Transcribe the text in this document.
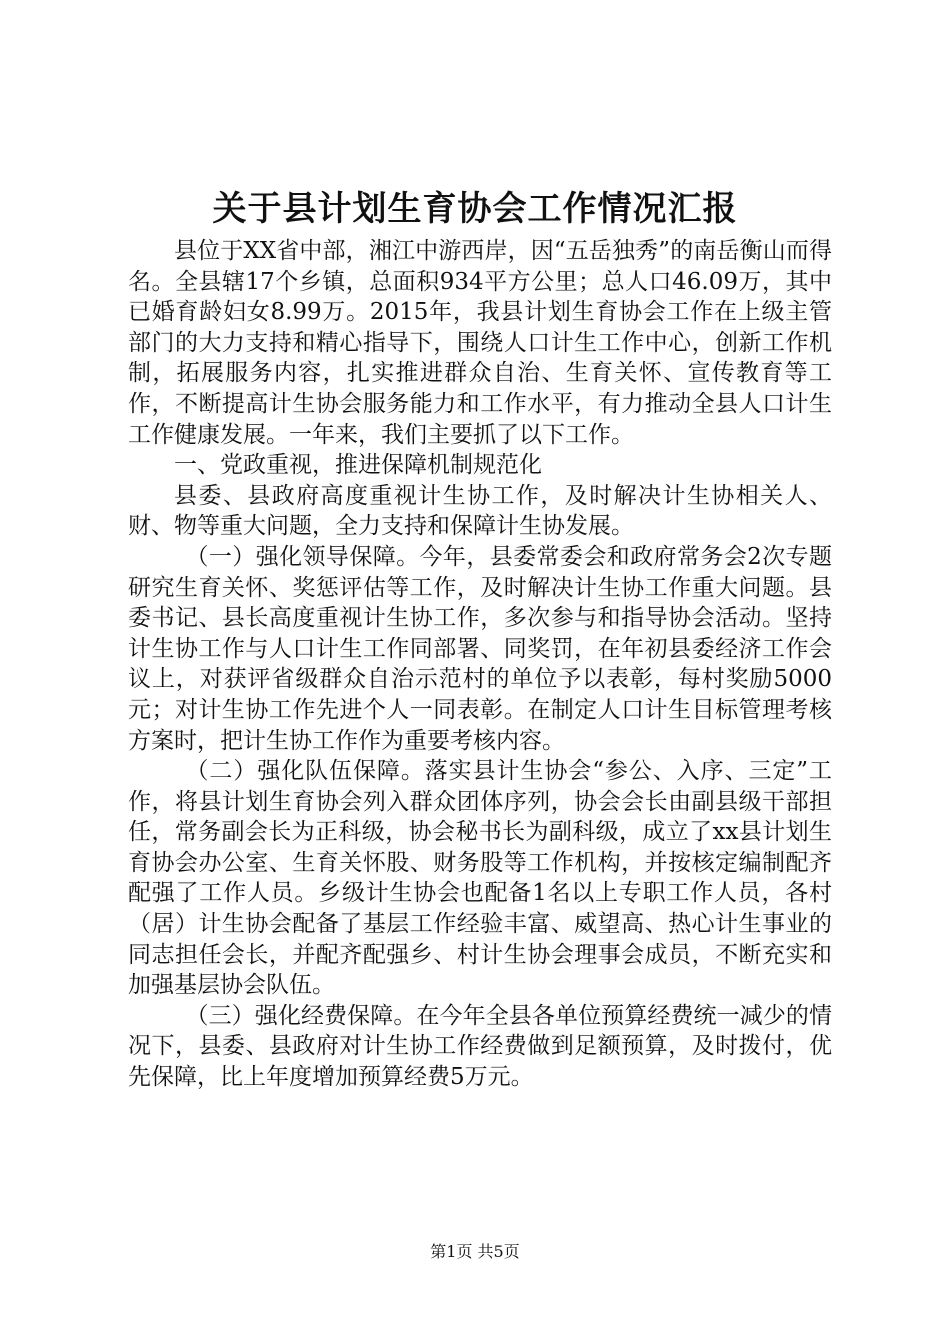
关于县计划生育协会工作情况汇报

县位于XX省中部，湘江中游西岸，因“五岳独秀”的南岳衡山而得名。全县辖17个乡镇，总面积934平方公里；总人口46.09万，其中已婚育龄妇女8.99万。2015年，我县计划生育协会工作在上级主管部门的大力支持和精心指导下，围绕人口计生工作中心，创新工作机制，拓展服务内容，扎实推进群众自治、生育关怀、宣传教育等工作，不断提高计生协会服务能力和工作水平，有力推动全县人口计生工作健康发展。一年来，我们主要抓了以下工作。

一、党政重视，推进保障机制规范化

县委、县政府高度重视计生协工作，及时解决计生协相关人、财、物等重大问题，全力支持和保障计生协发展。

（一）强化领导保障。今年，县委常委会和政府常务会2次专题研究生育关怀、奖惩评估等工作，及时解决计生协工作重大问题。县委书记、县长高度重视计生协工作，多次参与和指导协会活动。坚持计生协工作与人口计生工作同部署、同奖罚，在年初县委经济工作会议上，对获评省级群众自治示范村的单位予以表彰，每村奖励5000元；对计生协工作先进个人一同表彰。在制定人口计生目标管理考核方案时，把计生协工作作为重要考核内容。

（二）强化队伍保障。落实县计生协会“参公、入序、三定”工作，将县计划生育协会列入群众团体序列，协会会长由副县级干部担任，常务副会长为正科级，协会秘书长为副科级，成立了xx县计划生育协会办公室、生育关怀股、财务股等工作机构，并按核定编制配齐配强了工作人员。乡级计生协会也配备1名以上专职工作人员，各村（居）计生协会配备了基层工作经验丰富、威望高、热心计生事业的同志担任会长，并配齐配强乡、村计生协会理事会成员，不断充实和加强基层协会队伍。

（三）强化经费保障。在今年全县各单位预算经费统一减少的情况下，县委、县政府对计生协工作经费做到足额预算，及时拨付，优先保障，比上年度增加预算经费5万元。

第1页 共5页
